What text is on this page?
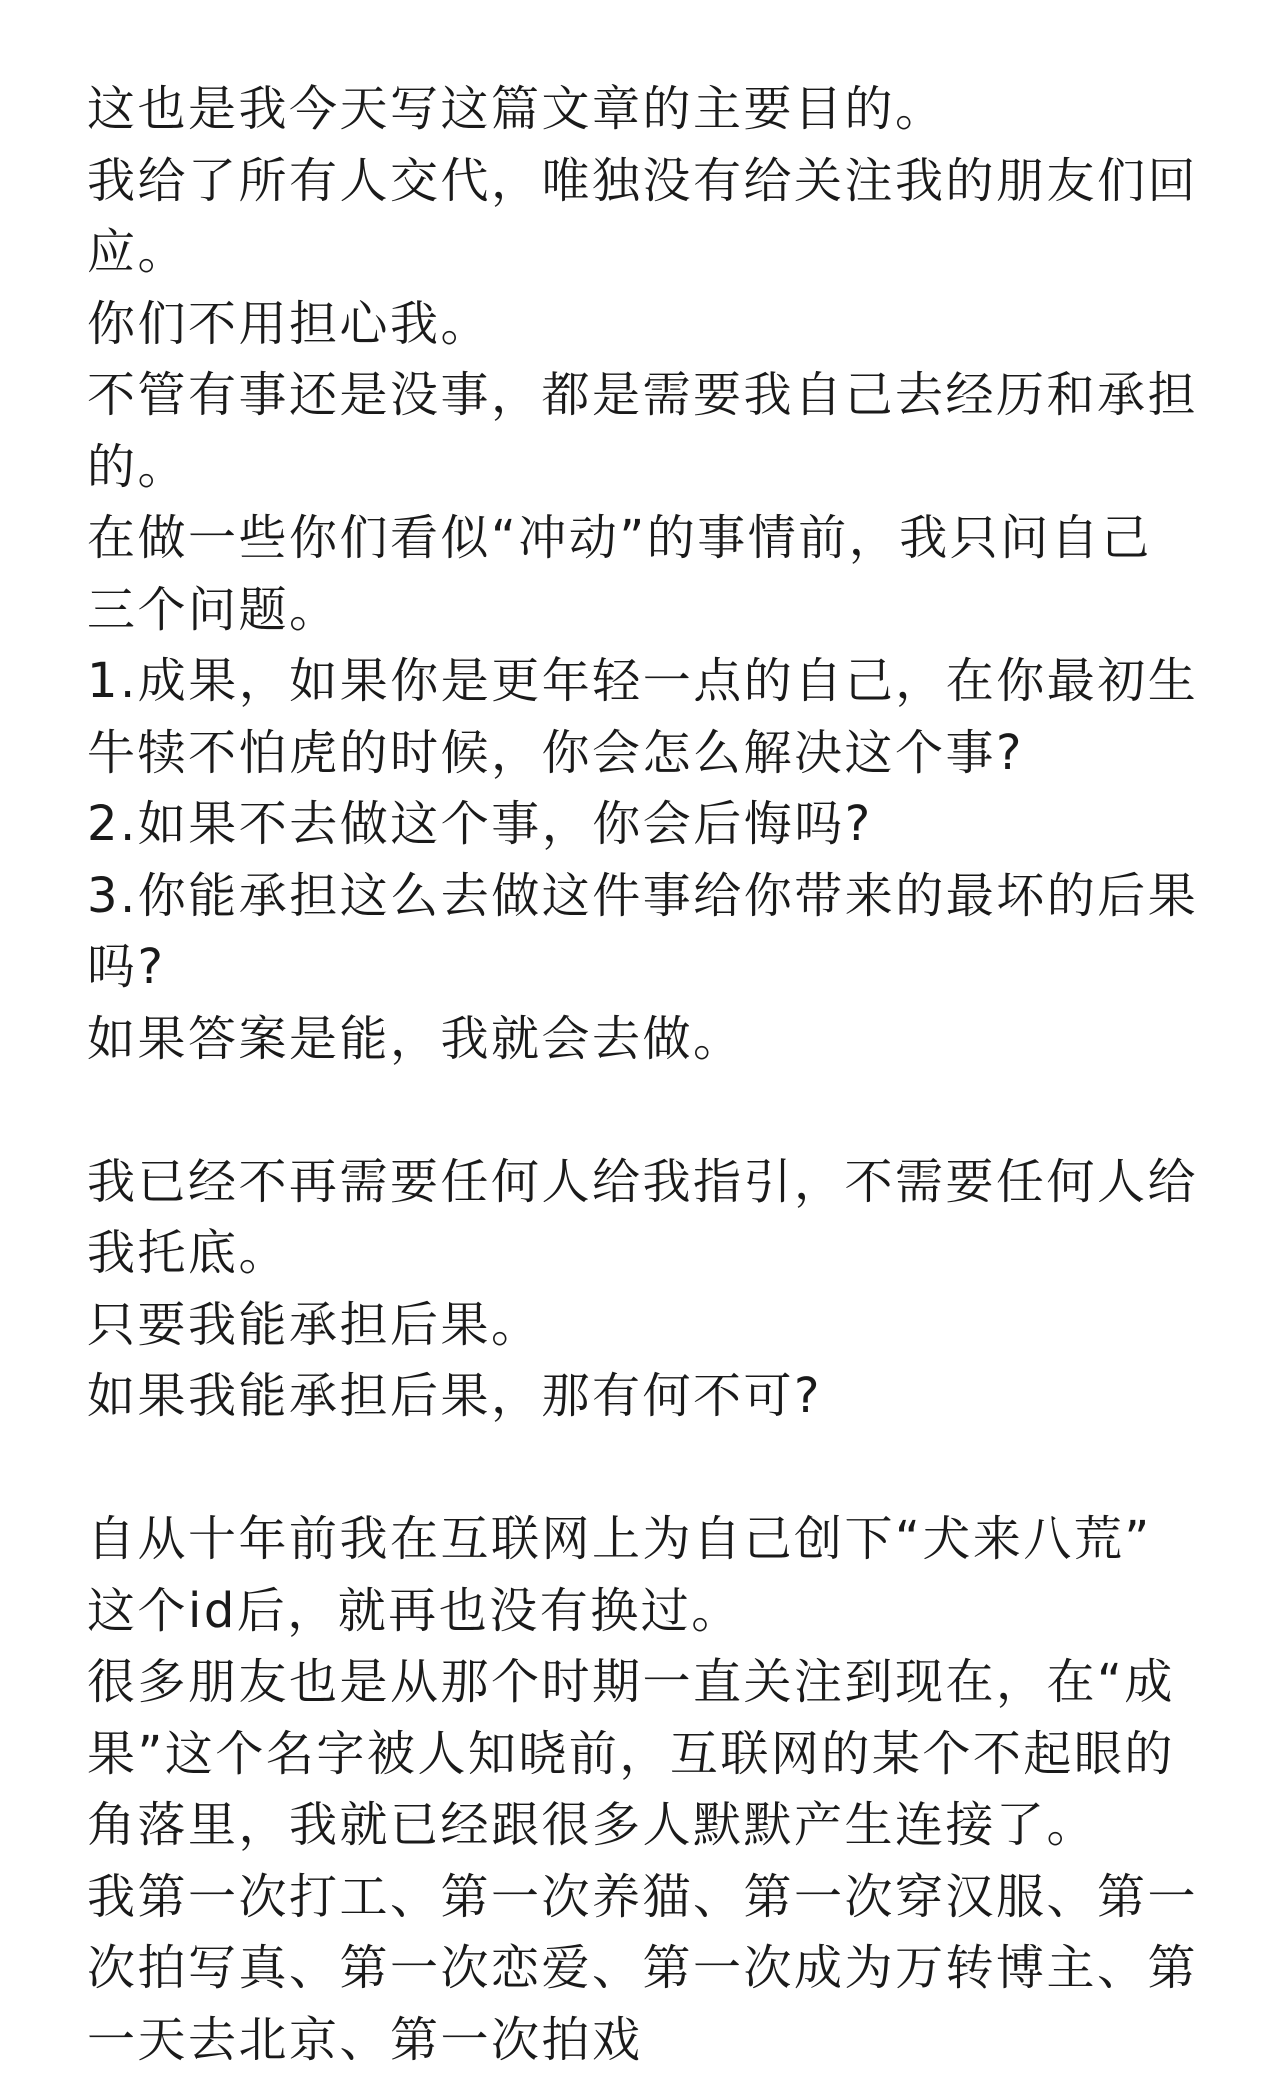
这也是我今天写这篇文章的主要目的。
我给了所有人交代，唯独没有给关注我的朋友们回
应。
你们不用担心我。
不管有事还是没事，都是需要我自己去经历和承担
的。
在做一些你们看似“冲动”的事情前，我只问自己
三个问题。
1.成果，如果你是更年轻一点的自己，在你最初生
牛犊不怕虎的时候，你会怎么解决这个事?
2.如果不去做这个事，你会后悔吗?
3.你能承担这么去做这件事给你带来的最坏的后果
吗?
如果答案是能，我就会去做。
我已经不再需要任何人给我指引，不需要任何人给
我托底。
只要我能承担后果。
如果我能承担后果，那有何不可?
自从十年前我在互联网上为自己创下“犬来八荒”
这个id后，就再也没有换过。
很多朋友也是从那个时期一直关注到现在，在“成
果”这个名字被人知晓前，互联网的某个不起眼的
角落里，我就已经跟很多人默默产生连接了。
我第一次打工、第一次养猫、第一次穿汉服、第一
次拍写真、第一次恋爱、第一次成为万转博主、第
一天去北京、第一次拍戏
